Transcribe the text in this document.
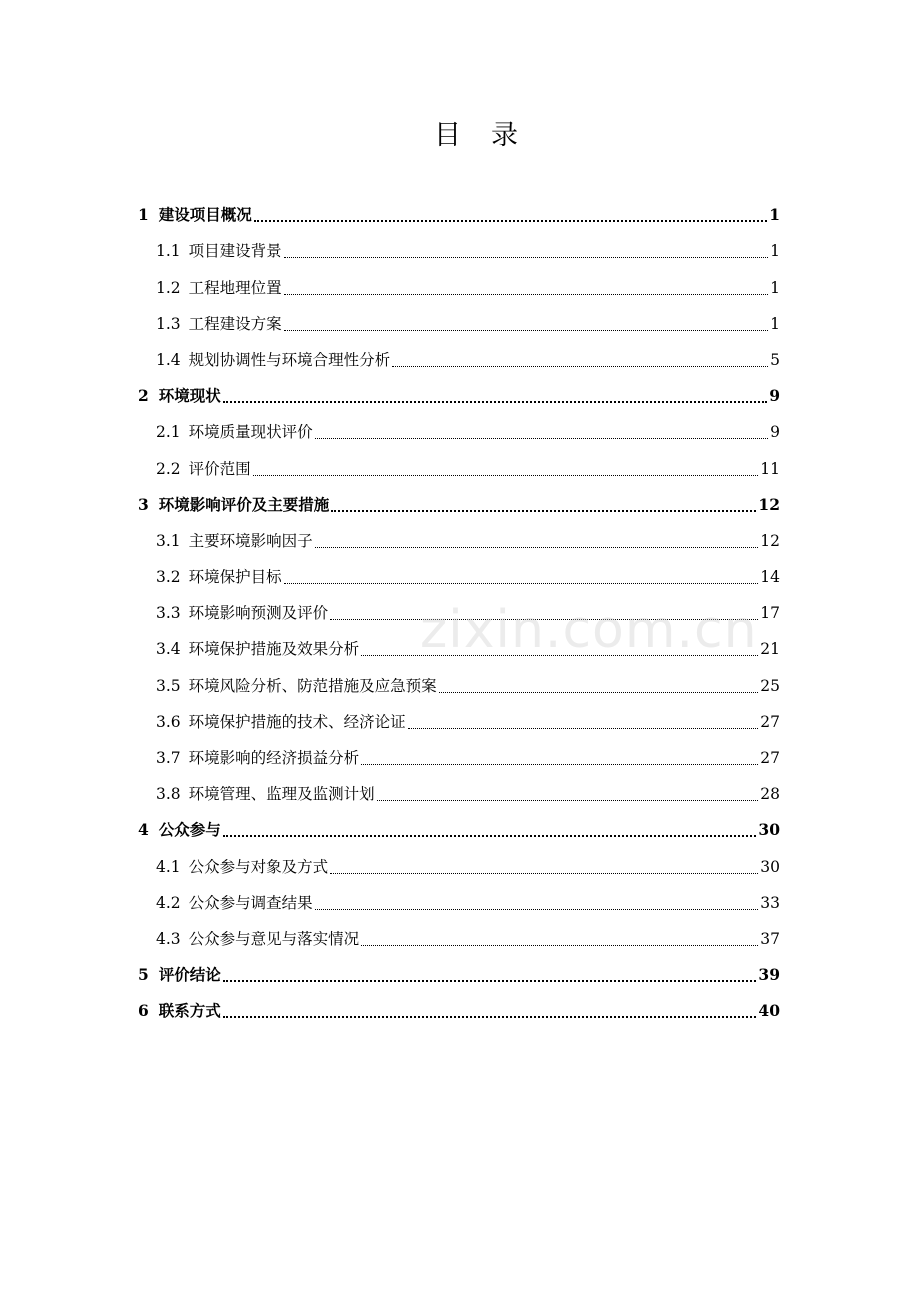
目 录
1 建设项目概况	1
1.1 项目建设背景	1
1.2 工程地理位置	1
1.3 工程建设方案	1
1.4 规划协调性与环境合理性分析	5
2 环境现状	9
2.1 环境质量现状评价	9
2.2 评价范围	11
3 环境影响评价及主要措施	12
3.1 主要环境影响因子	12
3.2 环境保护目标	14
3.3 环境影响预测及评价	17
3.4 环境保护措施及效果分析	21
3.5 环境风险分析、防范措施及应急预案	25
3.6 环境保护措施的技术、经济论证	27
3.7 环境影响的经济损益分析	27
3.8 环境管理、监理及监测计划	28
4 公众参与	30
4.1 公众参与对象及方式	30
4.2 公众参与调查结果	33
4.3 公众参与意见与落实情况	37
5 评价结论	39
6 联系方式	40
zixin.com.cn
